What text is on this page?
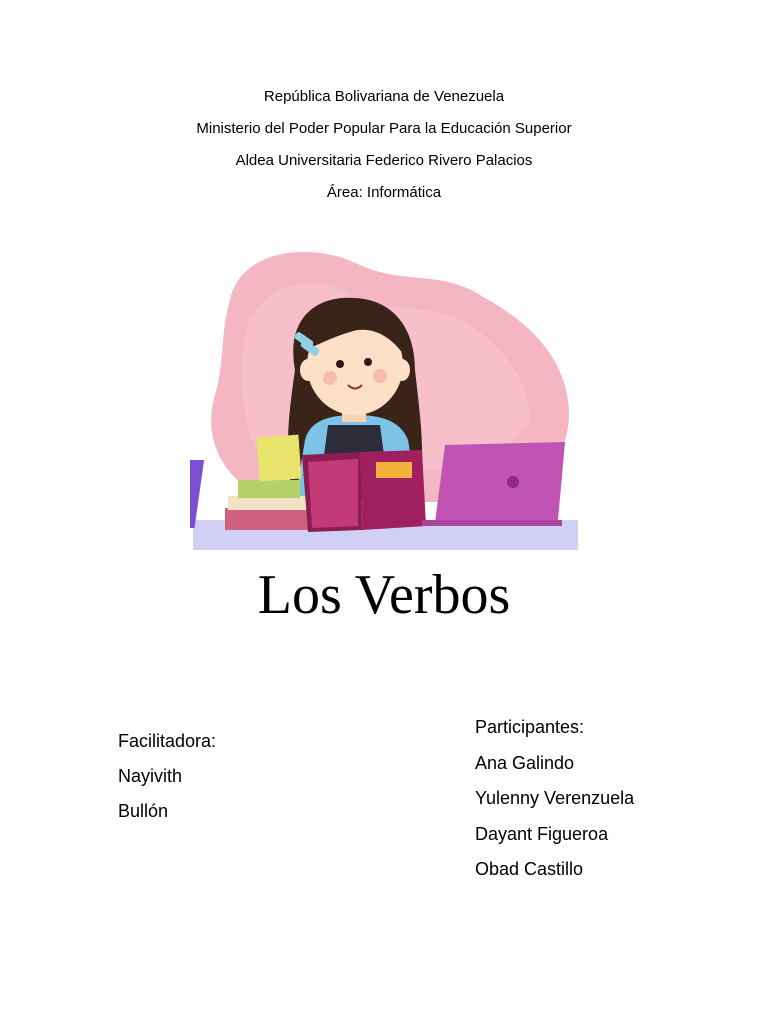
República Bolivariana de Venezuela
Ministerio del Poder Popular Para la Educación Superior
Aldea Universitaria Federico Rivero Palacios
Área: Informática
Los Verbos
Facilitadora:
Nayivith
Bullón
Participantes:
Ana Galindo
Yulenny Verenzuela
Dayant Figueroa
Obad Castillo
